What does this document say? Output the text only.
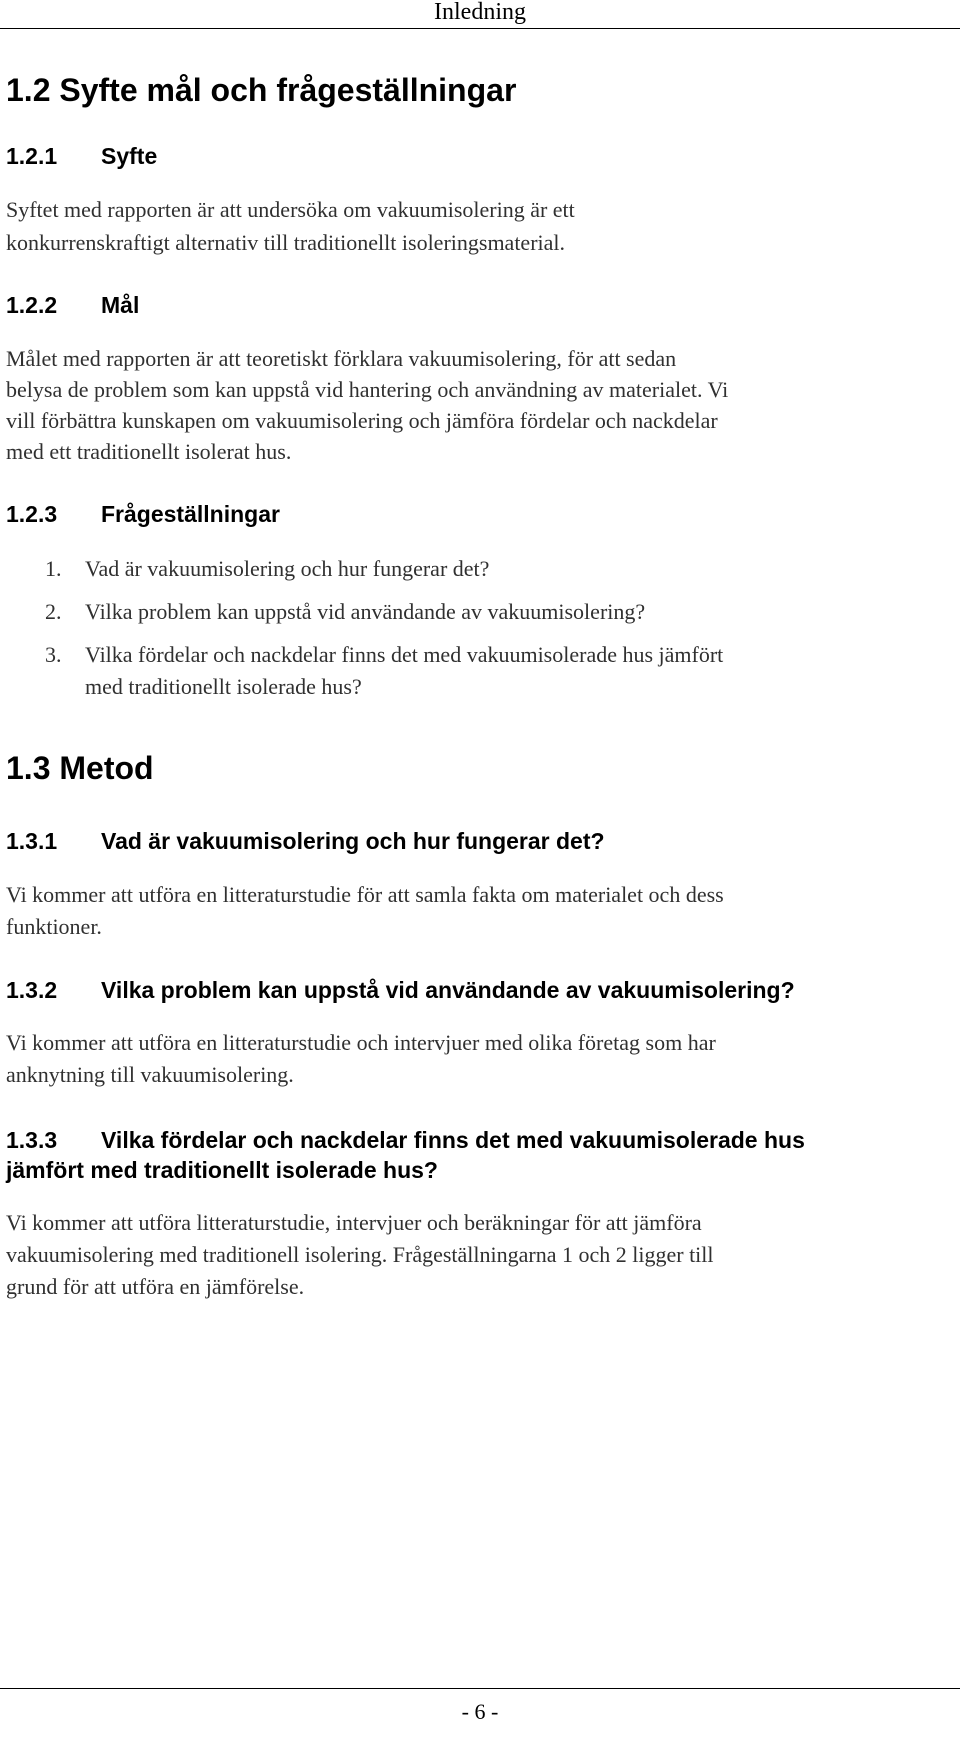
Inledning
1.2 Syfte mål och frågeställningar
1.2.1 Syfte
Syftet med rapporten är att undersöka om vakuumisolering är ett
konkurrenskraftigt alternativ till traditionellt isoleringsmaterial.
1.2.2 Mål
Målet med rapporten är att teoretiskt förklara vakuumisolering, för att sedan
belysa de problem som kan uppstå vid hantering och användning av materialet. Vi
vill förbättra kunskapen om vakuumisolering och jämföra fördelar och nackdelar
med ett traditionellt isolerat hus.
1.2.3 Frågeställningar
1. Vad är vakuumisolering och hur fungerar det?
2. Vilka problem kan uppstå vid användande av vakuumisolering?
3. Vilka fördelar och nackdelar finns det med vakuumisolerade hus jämfört
med traditionellt isolerade hus?
1.3 Metod
1.3.1 Vad är vakuumisolering och hur fungerar det?
Vi kommer att utföra en litteraturstudie för att samla fakta om materialet och dess
funktioner.
1.3.2 Vilka problem kan uppstå vid användande av vakuumisolering?
Vi kommer att utföra en litteraturstudie och intervjuer med olika företag som har
anknytning till vakuumisolering.
1.3.3 Vilka fördelar och nackdelar finns det med vakuumisolerade hus
jämfört med traditionellt isolerade hus?
Vi kommer att utföra litteraturstudie, intervjuer och beräkningar för att jämföra
vakuumisolering med traditionell isolering. Frågeställningarna 1 och 2 ligger till
grund för att utföra en jämförelse.
- 6 -
